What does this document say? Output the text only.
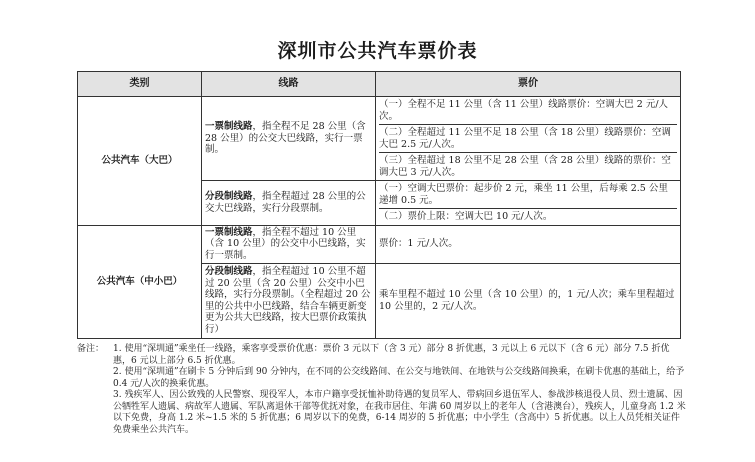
深圳市公共汽车票价表
类别	线路	票价
公共汽车（大巴）	一票制线路，指全程不足 28 公里（含 28 公里）的公交大巴线路，实行一票制。	（一）全程不足 11 公里（含 11 公里）线路票价：空调大巴 2 元/人次。
（二）全程超过 11 公里不足 18 公里（含 18 公里）线路票价：空调大巴 2.5 元/人次。
（三）全程超过 18 公里不足 28 公里（含 28 公里）线路的票价：空调大巴 3 元/人次。

	分段制线路，指全程超过 28 公里的公交大巴线路，实行分段票制。	（一）空调大巴票价：起步价 2 元，乘坐 11 公里，后每乘 2.5 公里递增 0.5 元。
（二）票价上限：空调大巴 10 元/人次。

公共汽车（中小巴）	一票制线路，指全程不超过 10 公里（含 10 公里）的公交中小巴线路，实行一票制。	票价：1 元/人次。
	分段制线路，指全程超过 10 公里不超过 20 公里（含 20 公里）公交中小巴线路，实行分段票制。（全程超过 20 公里的公共中小巴线路，结合车辆更新变更为公共大巴线路，按大巴票价政策执行）	乘车里程不超过 10 公里（含 10 公里）的，1 元/人次；乘车里程超过 10 公里的，2 元/人次。
备注： 1. 使用“深圳通”乘坐任一线路，乘客享受票价优惠：票价 3 元以下（含 3 元）部分 8 折优惠，3 元以上 6 元以下（含 6 元）部分 7.5 折优惠，6 元以上部分 6.5 折优惠。
2. 使用“深圳通”在刷卡 5 分钟后到 90 分钟内，在不同的公交线路间、在公交与地铁间、在地铁与公交线路间换乘，在刷卡优惠的基础上，给予 0.4 元/人次的换乘优惠。
3. 残疾军人、因公致残的人民警察、现役军人，本市户籍享受抚恤补助待遇的复员军人、带病回乡退伍军人、参战涉核退役人员、烈士遗属、因公牺牲军人遗属、病故军人遗属、军队离退休干部等优抚对象，在我市居住、年满 60 周岁以上的老年人（含港澳台），残疾人，儿童身高 1.2 米以下免费，身高 1.2 米~1.5 米的 5 折优惠；6 周岁以下的免费，6-14 周岁的 5 折优惠；中小学生（含高中）5 折优惠。以上人员凭相关证件免费乘坐公共汽车。
